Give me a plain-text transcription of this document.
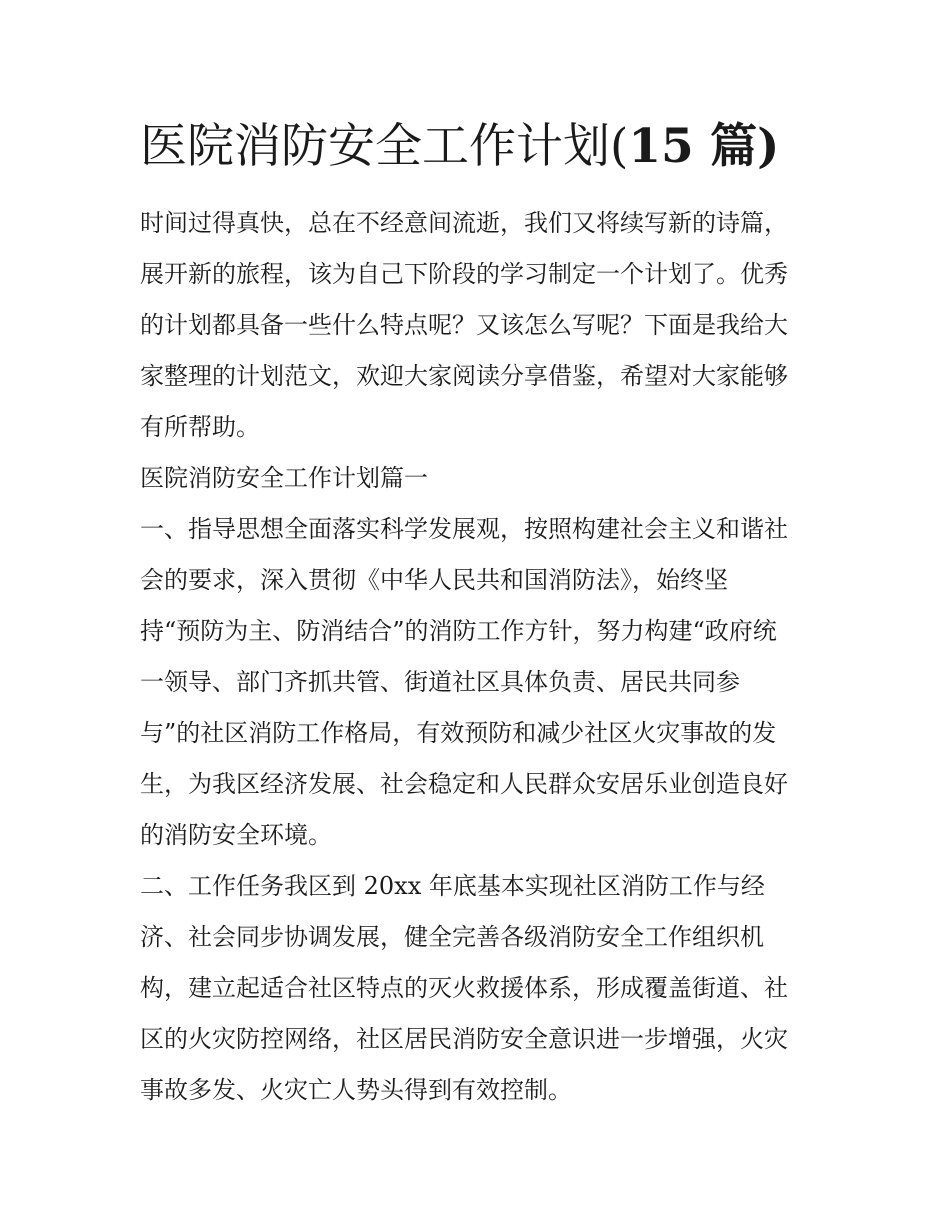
医院消防安全工作计划(15 篇)
时间过得真快，总在不经意间流逝，我们又将续写新的诗篇，
展开新的旅程，该为自己下阶段的学习制定一个计划了。优秀
的计划都具备一些什么特点呢？又该怎么写呢？下面是我给大
家整理的计划范文，欢迎大家阅读分享借鉴，希望对大家能够
有所帮助。
医院消防安全工作计划篇一
一、指导思想全面落实科学发展观，按照构建社会主义和谐社
会的要求，深入贯彻《中华人民共和国消防法》，始终坚
持“预防为主、防消结合”的消防工作方针，努力构建“政府统
一领导、部门齐抓共管、街道社区具体负责、居民共同参
与”的社区消防工作格局，有效预防和减少社区火灾事故的发
生，为我区经济发展、社会稳定和人民群众安居乐业创造良好
的消防安全环境。
二、工作任务我区到 20xx 年底基本实现社区消防工作与经
济、社会同步协调发展，健全完善各级消防安全工作组织机
构，建立起适合社区特点的灭火救援体系，形成覆盖街道、社
区的火灾防控网络，社区居民消防安全意识进一步增强，火灾
事故多发、火灾亡人势头得到有效控制。
